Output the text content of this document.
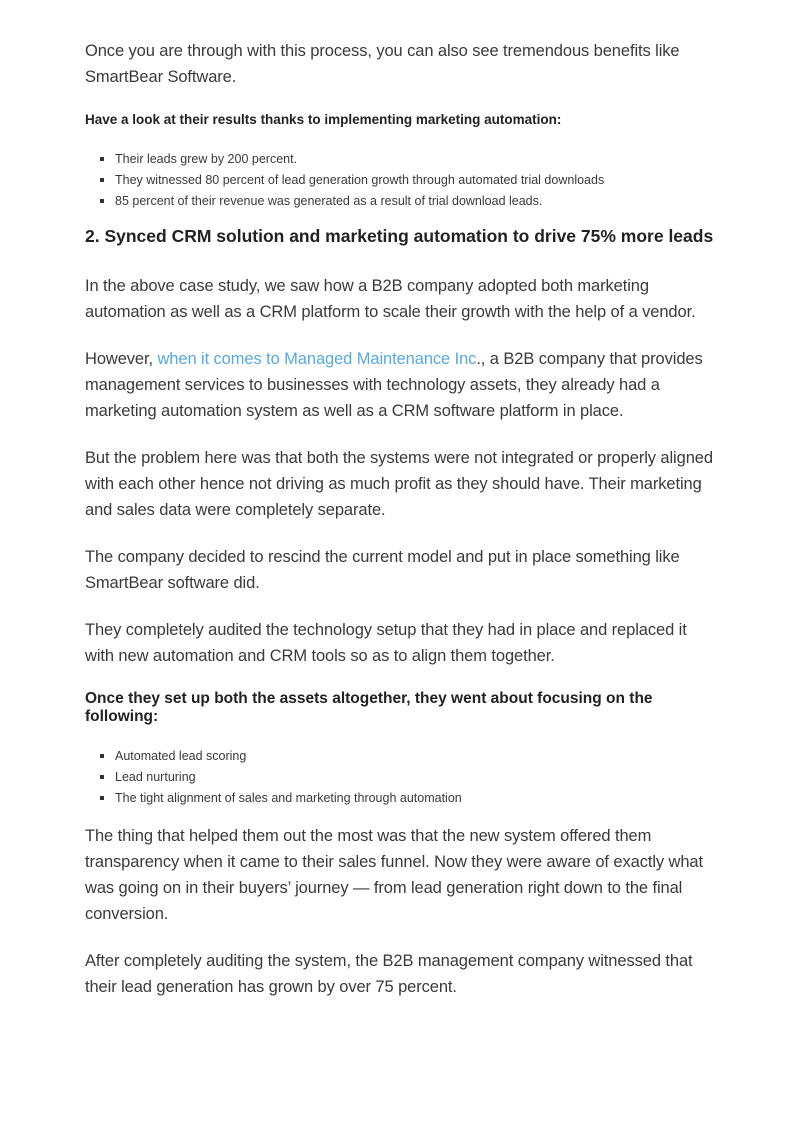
Once you are through with this process, you can also see tremendous benefits like SmartBear Software.

Have a look at their results thanks to implementing marketing automation:
Their leads grew by 200 percent.
They witnessed 80 percent of lead generation growth through automated trial downloads
85 percent of their revenue was generated as a result of trial download leads.
2. Synced CRM solution and marketing automation to drive 75% more leads

In the above case study, we saw how a B2B company adopted both marketing automation as well as a CRM platform to scale their growth with the help of a vendor.

However, when it comes to Managed Maintenance Inc., a B2B company that provides management services to businesses with technology assets, they already had a marketing automation system as well as a CRM software platform in place.

But the problem here was that both the systems were not integrated or properly aligned with each other hence not driving as much profit as they should have. Their marketing and sales data were completely separate.

The company decided to rescind the current model and put in place something like SmartBear software did.

They completely audited the technology setup that they had in place and replaced it with new automation and CRM tools so as to align them together.

Once they set up both the assets altogether, they went about focusing on the following:
Automated lead scoring
Lead nurturing
The tight alignment of sales and marketing through automation

The thing that helped them out the most was that the new system offered them transparency when it came to their sales funnel. Now they were aware of exactly what was going on in their buyers’ journey — from lead generation right down to the final conversion.

After completely auditing the system, the B2B management company witnessed that their lead generation has grown by over 75 percent.
